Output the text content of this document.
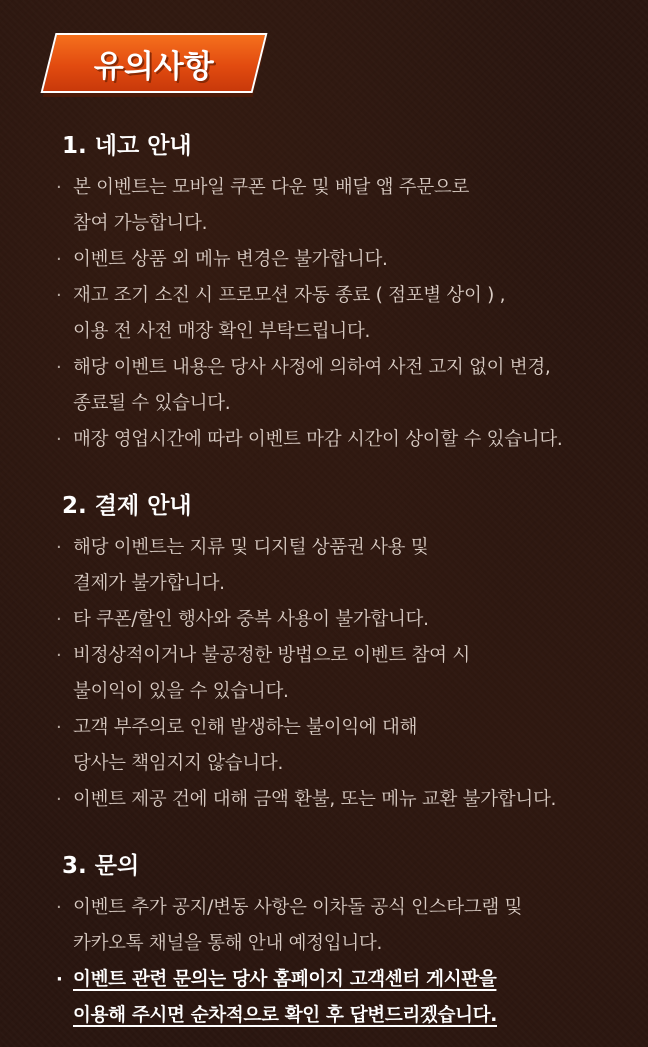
유의사항
1. 네고 안내
· 본 이벤트는 모바일 쿠폰 다운 및 배달 앱 주문으로
참여 가능합니다.
· 이벤트 상품 외 메뉴 변경은 불가합니다.
· 재고 조기 소진 시 프로모션 자동 종료 ( 점포별 상이 ) ,
이용 전 사전 매장 확인 부탁드립니다.
· 해당 이벤트 내용은 당사 사정에 의하여 사전 고지 없이 변경,
종료될 수 있습니다.
· 매장 영업시간에 따라 이벤트 마감 시간이 상이할 수 있습니다.
2. 결제 안내
· 해당 이벤트는 지류 및 디지털 상품권 사용 및
결제가 불가합니다.
· 타 쿠폰/할인 행사와 중복 사용이 불가합니다.
· 비정상적이거나 불공정한 방법으로 이벤트 참여 시
불이익이 있을 수 있습니다.
· 고객 부주의로 인해 발생하는 불이익에 대해
당사는 책임지지 않습니다.
· 이벤트 제공 건에 대해 금액 환불, 또는 메뉴 교환 불가합니다.
3. 문의
· 이벤트 추가 공지/변동 사항은 이차돌 공식 인스타그램 및
카카오톡 채널을 통해 안내 예정입니다.
· 이벤트 관련 문의는 당사 홈페이지 고객센터 게시판을
이용해 주시면 순차적으로 확인 후 답변드리겠습니다.
